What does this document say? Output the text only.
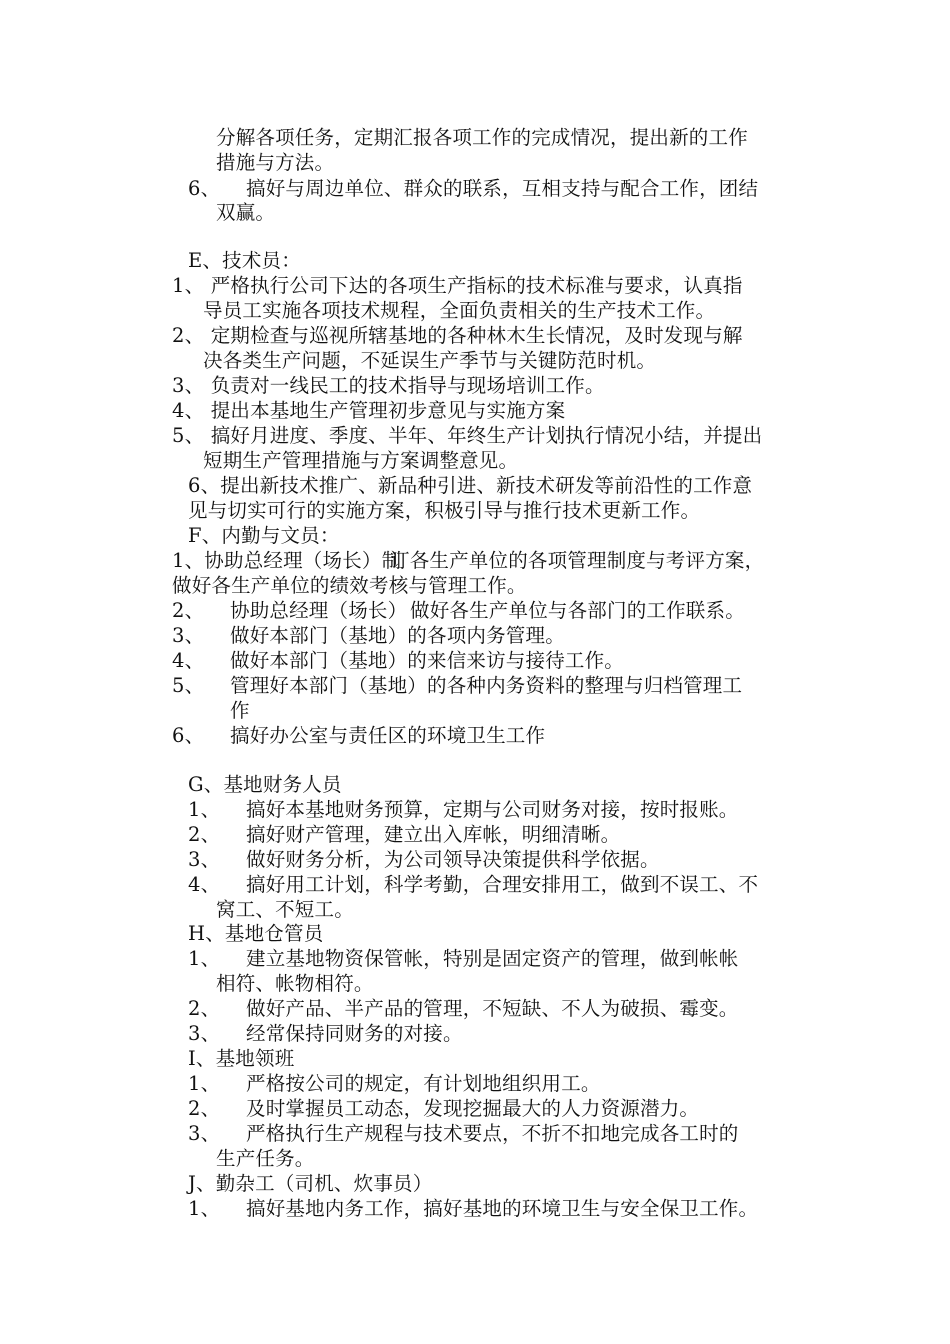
分解各项任务，定期汇报各项工作的完成情况，提出新的工作
措施与方法。
6、 搞好与周边单位、群众的联系，互相支持与配合工作，团结
双赢。
E、技术员：
1、 严格执行公司下达的各项生产指标的技术标准与要求，认真指
导员工实施各项技术规程，全面负责相关的生产技术工作。
2、 定期检查与巡视所辖基地的各种林木生长情况，及时发现与解
决各类生产问题，不延误生产季节与关键防范时机。
3、 负责对一线民工的技术指导与现场培训工作。
4、 提出本基地生产管理初步意见与实施方案
5、 搞好月进度、季度、半年、年终生产计划执行情况小结，并提出
短期生产管理措施与方案调整意见。
6、提出新技术推广、新品种引进、新技术研发等前沿性的工作意
见与切实可行的实施方案，积极引导与推行技术更新工作。
F、内勤与文员：
1、协助总经理（场长）制
订各生产单位的各项管理制度与考评方案，
做好各生产单位的绩效考核与管理工作。
2、 协助总经理（场长） 做好各生产单位与各部门的工作联系。
3、 做好本部门（基地）的各项内务管理。
4、 做好本部门（基地）的来信来访与接待工作。
5、 管理好本部门（基地）的各种内务资料的整理与归档管理工
作
6、 搞好办公室与责任区的环境卫生工作
G、基地财务人员
1、 搞好本基地财务预算，定期与公司财务对接，按时报账。
2、 搞好财产管理，建立出入库帐，明细清晰。
3、 做好财务分析，为公司领导决策提供科学依据。
4、 搞好用工计划，科学考勤，合理安排用工，做到不误工、不
窝工、不短工。
H、基地仓管员
1、 建立基地物资保管帐，特别是固定资产的管理，做到帐帐
相符、帐物相符。
2、 做好产品、半产品的管理，不短缺、不人为破损、霉变。
3、 经常保持同财务的对接。
I、基地领班
1、 严格按公司的规定，有计划地组织用工。
2、 及时掌握员工动态，发现挖掘最大的人力资源潜力。
3、 严格执行生产规程与技术要点，不折不扣地完成各工时的
生产任务。
J、勤杂工（司机、炊事员）
1、 搞好基地内务工作，搞好基地的环境卫生与安全保卫工作。
